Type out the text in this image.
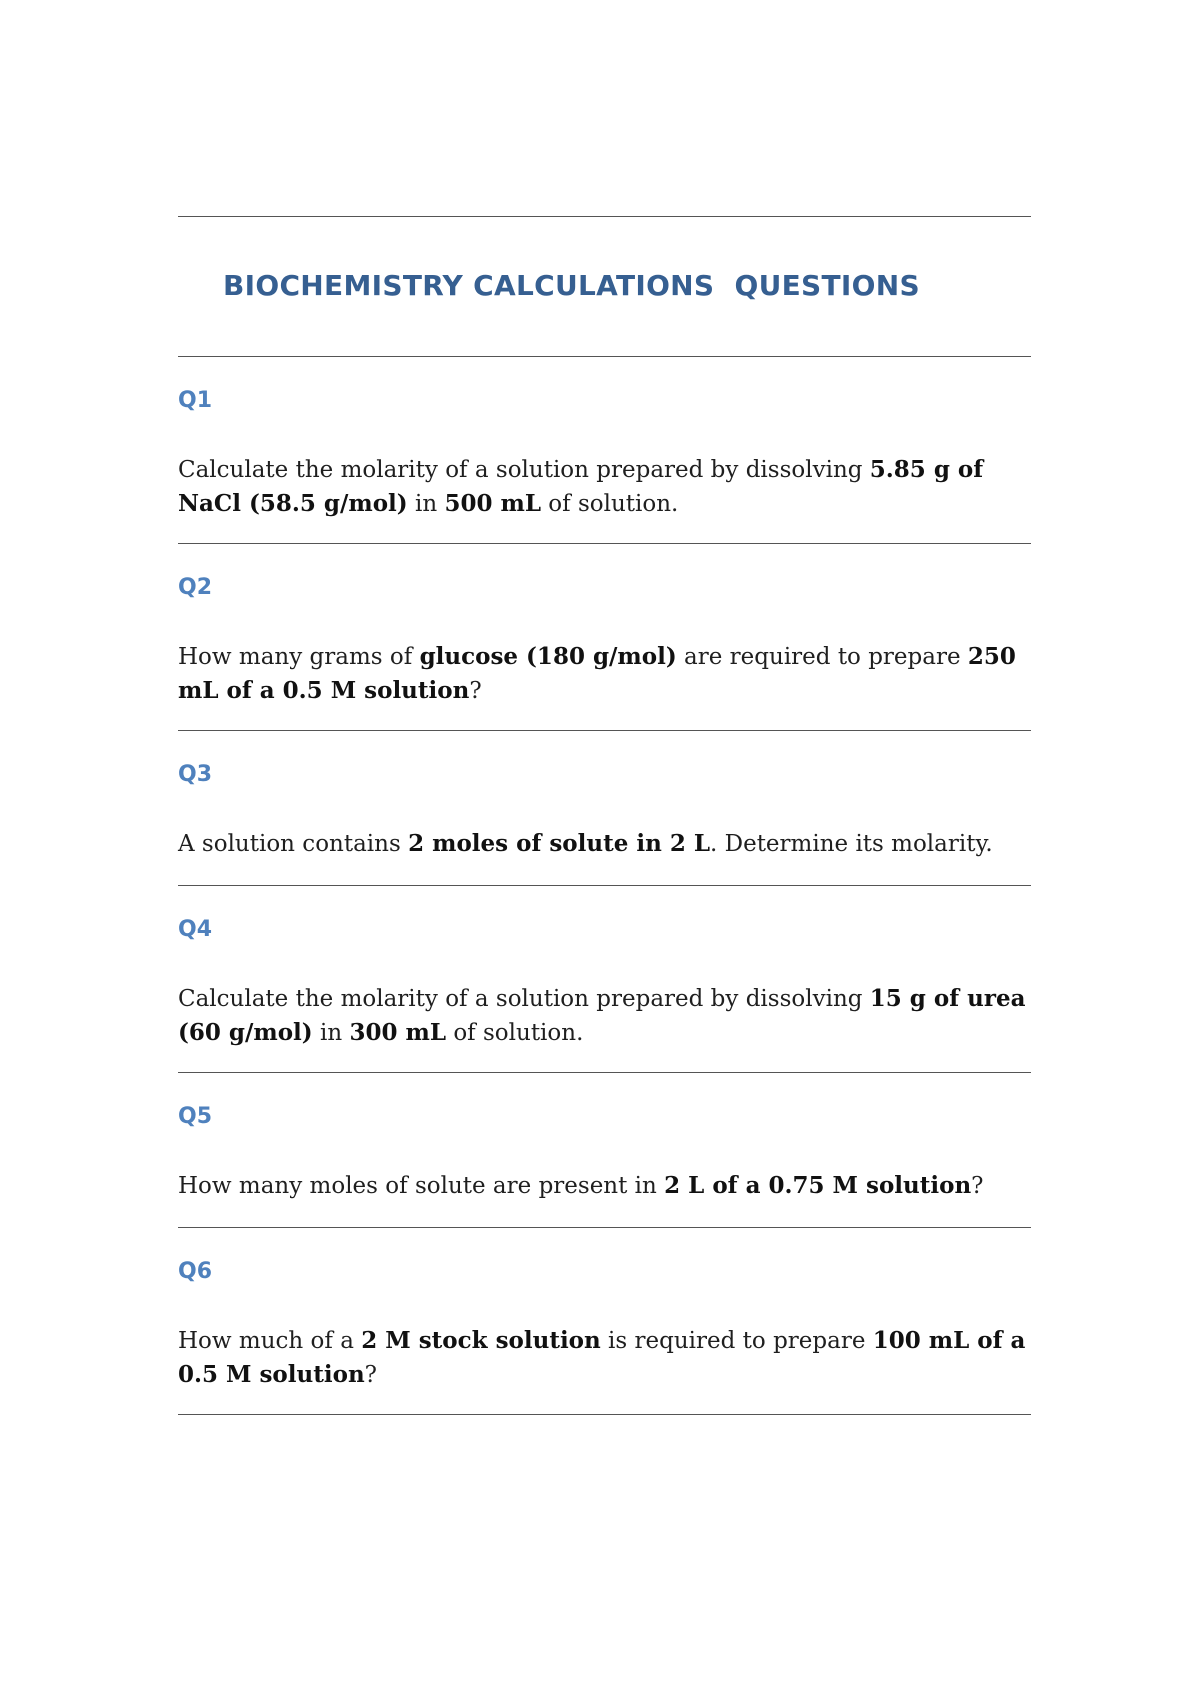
BIOCHEMISTRY CALCULATIONS  QUESTIONS

Q1

Calculate the molarity of a solution prepared by dissolving 5.85 g of NaCl (58.5 g/mol) in 500 mL of solution.

Q2

How many grams of glucose (180 g/mol) are required to prepare 250 mL of a 0.5 M solution?

Q3

A solution contains 2 moles of solute in 2 L. Determine its molarity.

Q4

Calculate the molarity of a solution prepared by dissolving 15 g of urea (60 g/mol) in 300 mL of solution.

Q5

How many moles of solute are present in 2 L of a 0.75 M solution?

Q6

How much of a 2 M stock solution is required to prepare 100 mL of a 0.5 M solution?
